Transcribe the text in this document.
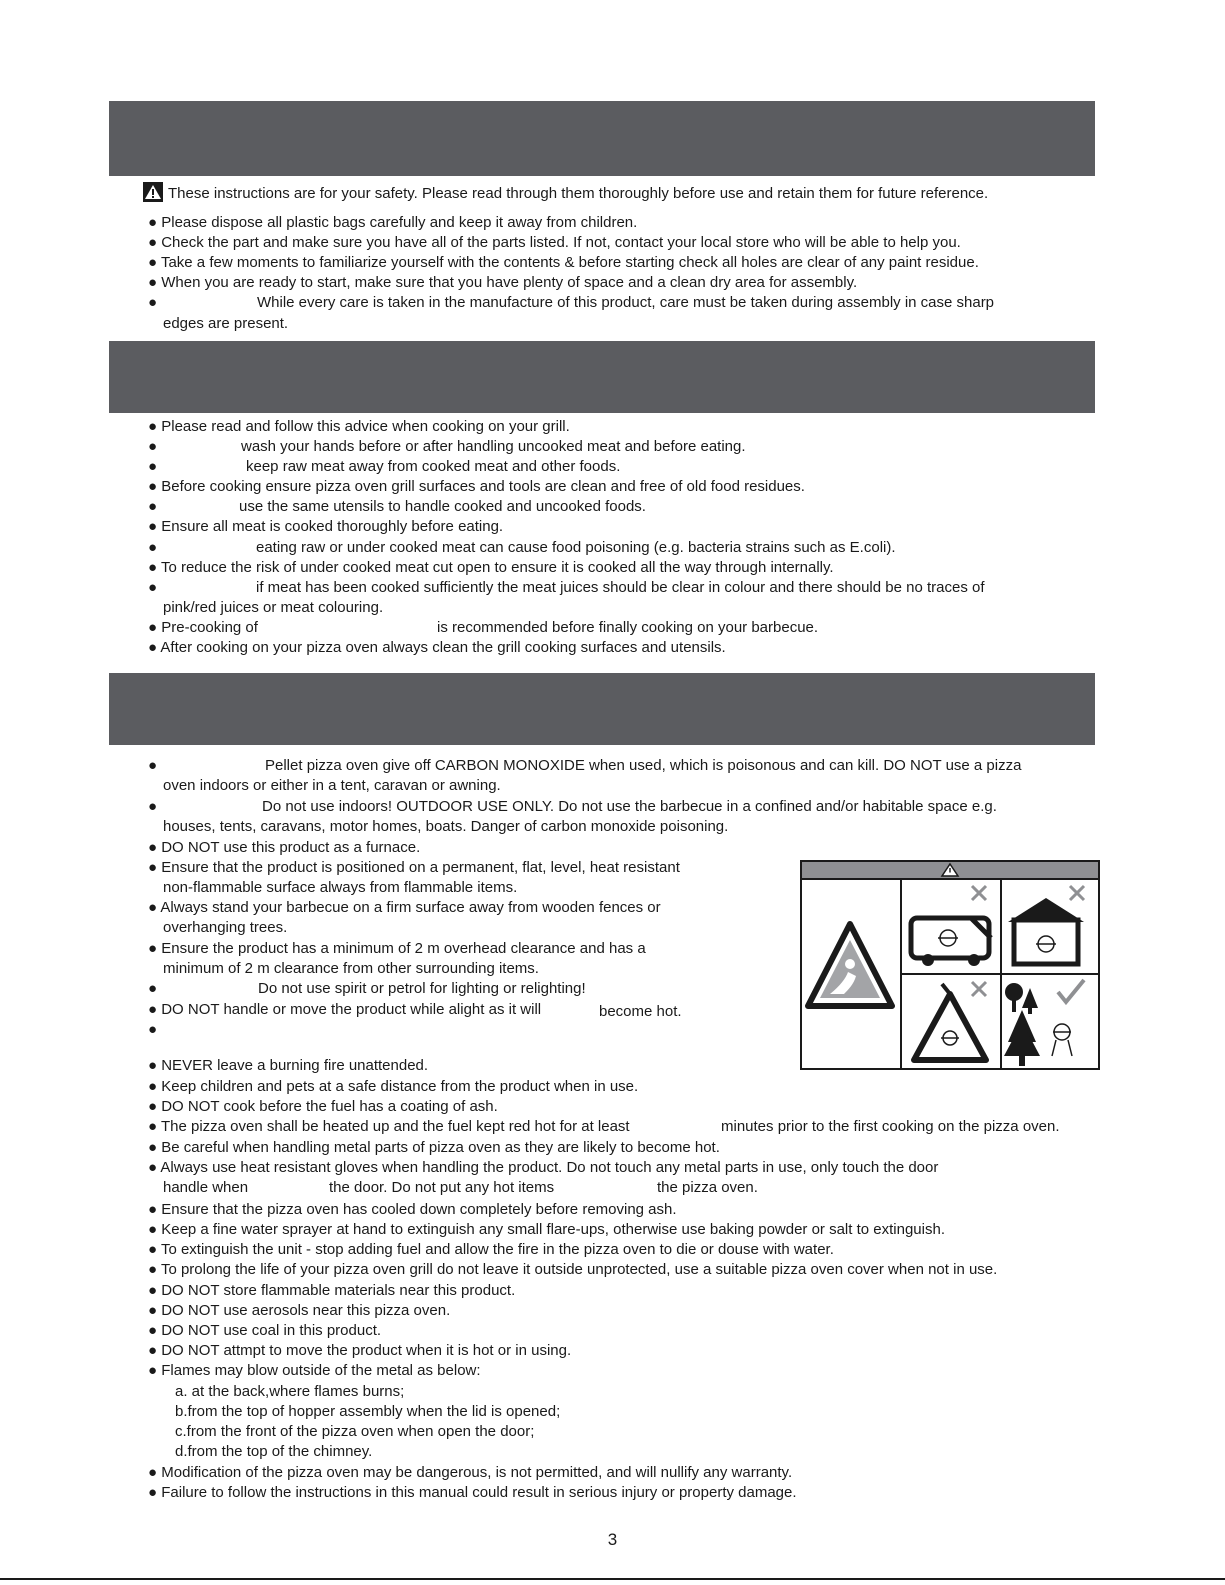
These instructions are for your safety. Please read through them thoroughly before use and retain them for future reference.
● Please dispose all plastic bags carefully and keep it away from children.
● Check the part and make sure you have all of the parts listed. If not, contact your local store who will be able to help you.
● Take a few moments to familiarize yourself with the contents & before starting check all holes are clear of any paint residue.
● When you are ready to start, make sure that you have plenty of space and a clean dry area for assembly.
●	While every care is taken in the manufacture of this product, care must be taken during assembly in case sharp
edges are present.
● Please read and follow this advice when cooking on your grill.
●	wash your hands before or after handling uncooked meat and before eating.
●	keep raw meat away from cooked meat and other foods.
● Before cooking ensure pizza oven grill surfaces and tools are clean and free of old food residues.
●	use the same utensils to handle cooked and uncooked foods.
● Ensure all meat is cooked thoroughly before eating.
●	eating raw or under cooked meat can cause food poisoning (e.g. bacteria strains such as E.coli).
● To reduce the risk of under cooked meat cut open to ensure it is cooked all the way through internally.
●	if meat has been cooked sufficiently the meat juices should be clear in colour and there should be no traces of
pink/red juices or meat colouring.
● Pre-cooking of	is recommended before finally cooking on your barbecue.
● After cooking on your pizza oven always clean the grill cooking surfaces and utensils.
●	Pellet pizza oven give off CARBON MONOXIDE when used, which is poisonous and can kill. DO NOT use a pizza
oven indoors or either in a tent, caravan or awning.
●	Do not use indoors! OUTDOOR USE ONLY. Do not use the barbecue in a confined and/or habitable space e.g.
houses, tents, caravans, motor homes, boats. Danger of carbon monoxide poisoning.
● DO NOT use this product as a furnace.
● Ensure that the product is positioned on a permanent, flat, level, heat resistant
non-flammable surface always from flammable items.
● Always stand your barbecue on a firm surface away from wooden fences or
overhanging trees.
● Ensure the product has a minimum of 2 m overhead clearance and has a
minimum of 2 m clearance from other surrounding items.
●	Do not use spirit or petrol for lighting or relighting!
● DO NOT handle or move the product while alight as it will	become hot.
●
● NEVER leave a burning fire unattended.
● Keep children and pets at a safe distance from the product when in use.
● DO NOT cook before the fuel has a coating of ash.
● The pizza oven shall be heated up and the fuel kept red hot for at least	minutes prior to the first cooking on the pizza oven.
● Be careful when handling metal parts of pizza oven as they are likely to become hot.
● Always use heat resistant gloves when handling the product. Do not touch any metal parts in use, only touch the door
handle when	the door. Do not put any hot items	the pizza oven.
● Ensure that the pizza oven has cooled down completely before removing ash.
● Keep a fine water sprayer at hand to extinguish any small flare-ups, otherwise use baking powder or salt to extinguish.
● To extinguish the unit - stop adding fuel and allow the fire in the pizza oven to die or douse with water.
● To prolong the life of your pizza oven grill do not leave it outside unprotected, use a suitable pizza oven cover when not in use.
● DO NOT store flammable materials near this product.
● DO NOT use aerosols near this pizza oven.
● DO NOT use coal in this product.
● DO NOT attmpt to move the product when it is hot or in using.
● Flames may blow outside of the metal as below:
a. at the back,where flames burns;
b.from the top of hopper assembly when the lid is opened;
c.from the front of the pizza oven when open the door;
d.from the top of the chimney.
● Modification of the pizza oven may be dangerous, is not permitted, and will nullify any warranty.
● Failure to follow the instructions in this manual could result in serious injury or property damage.
3
